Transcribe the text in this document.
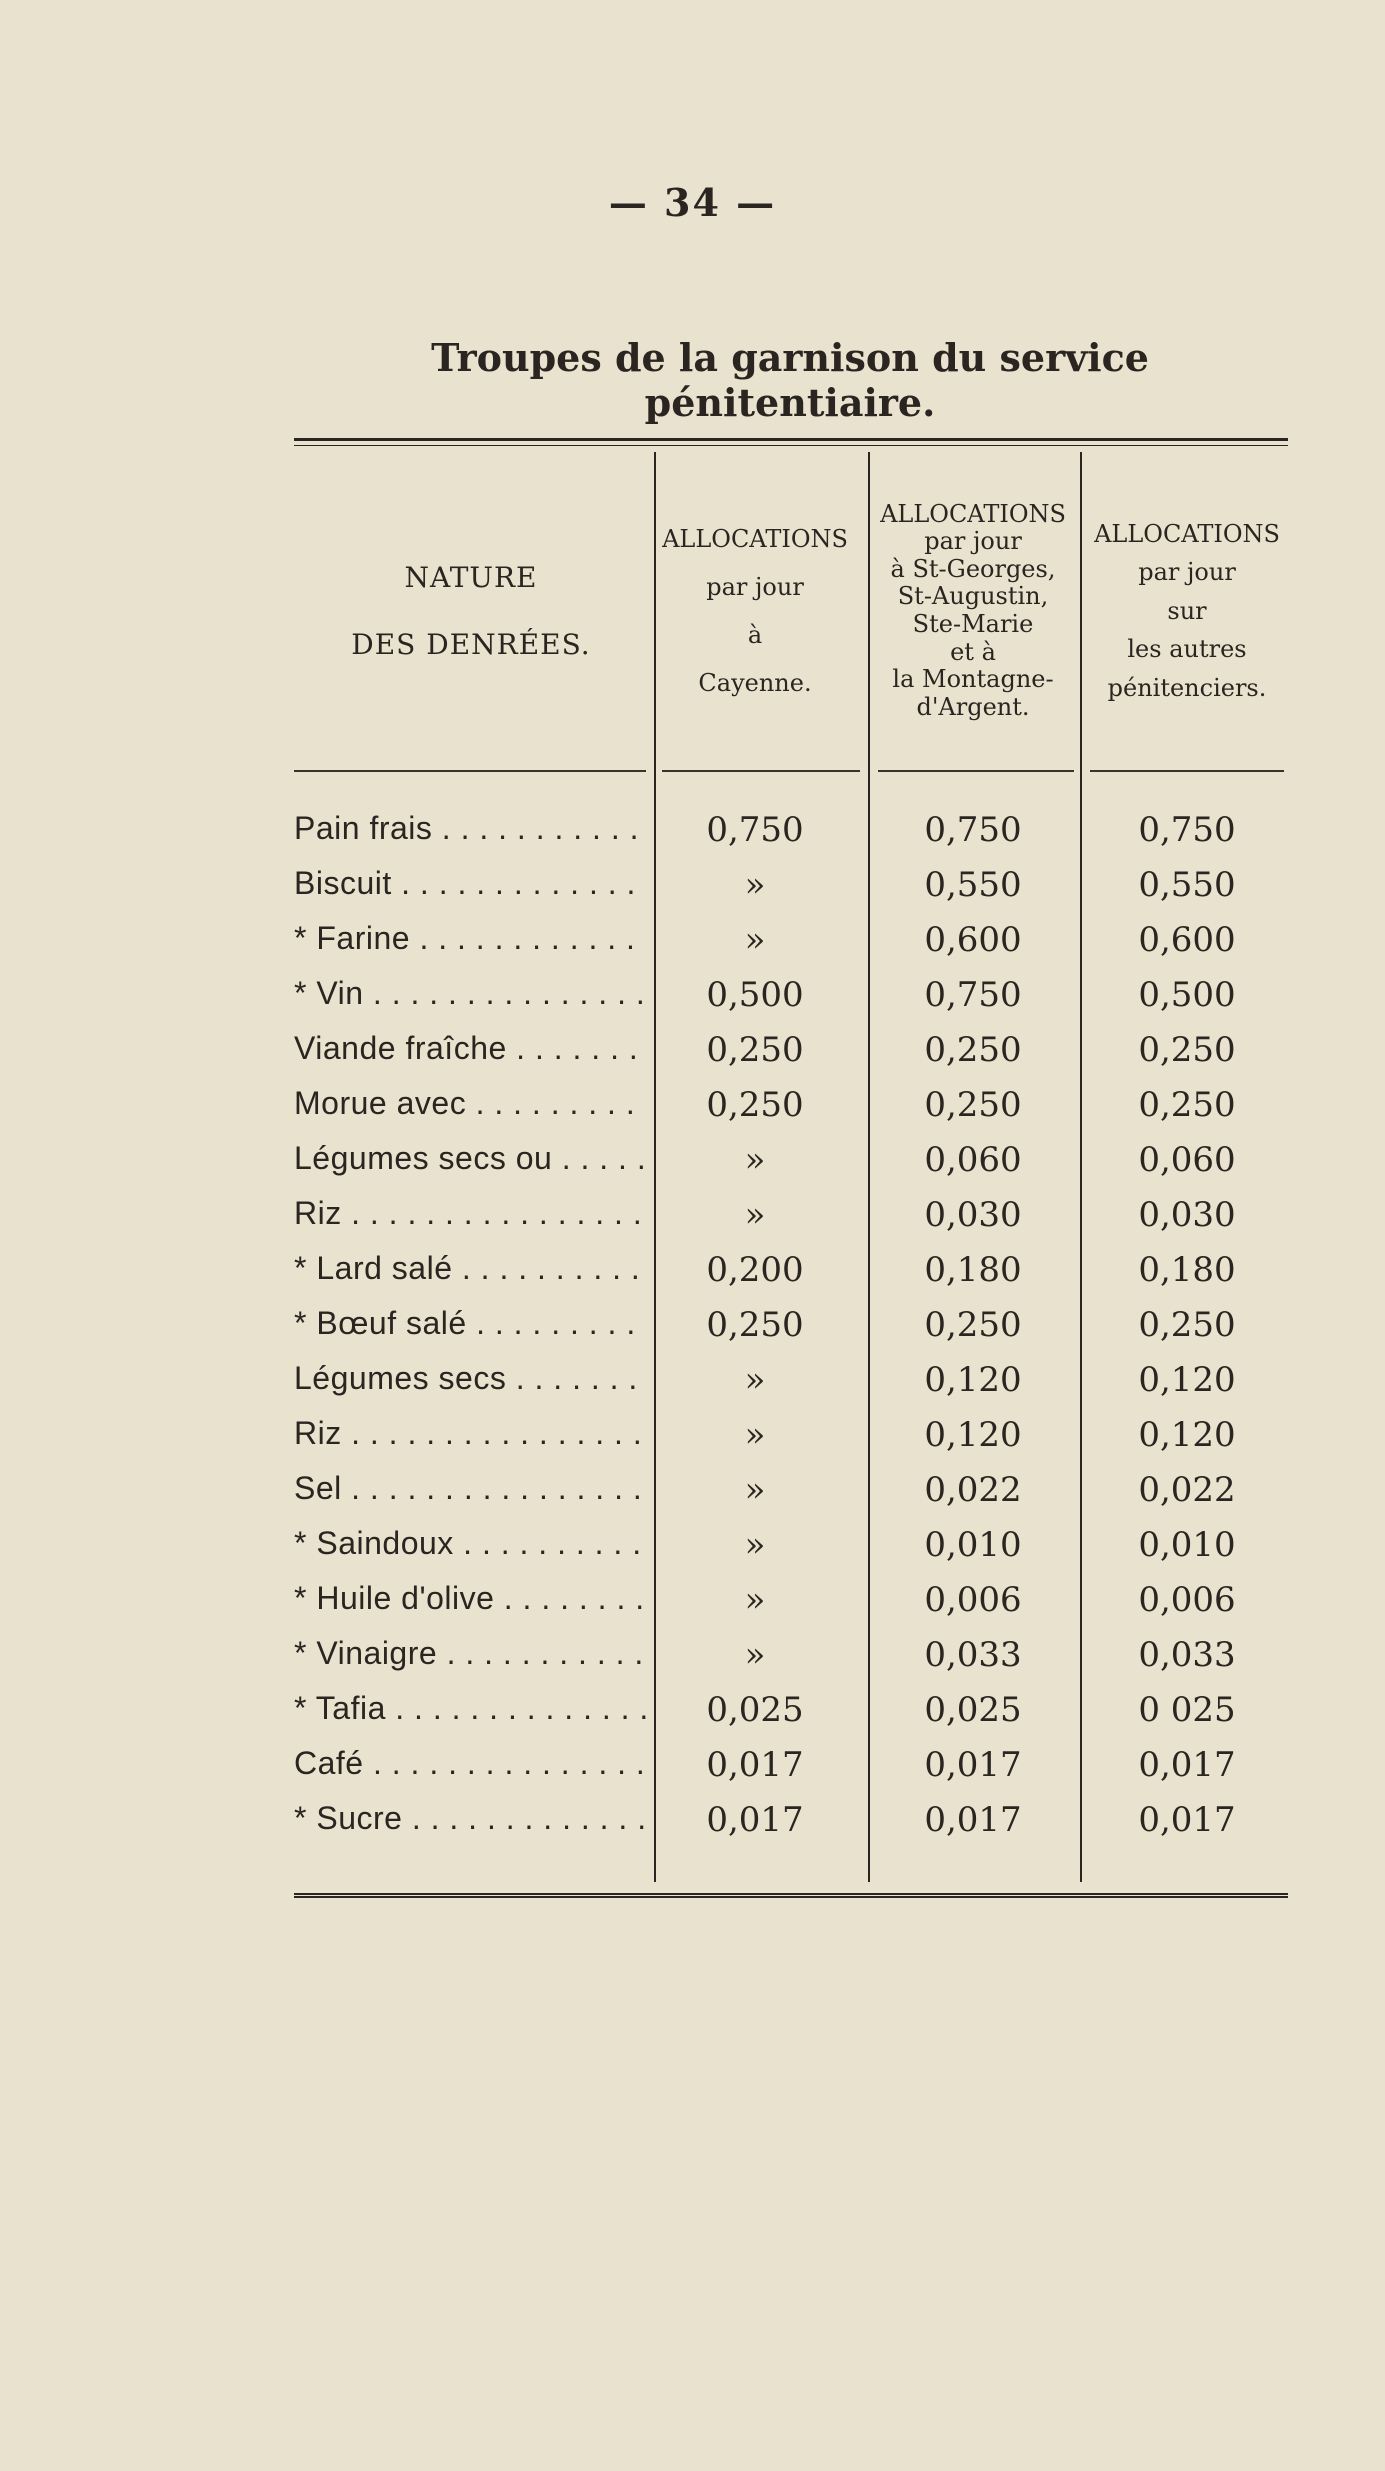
— 34 —
Troupes de la garnison du service pénitentiaire.
NATURE
DES DENRÉES.
ALLOCATIONS
par jour
à
Cayenne.
ALLOCATIONS
par jour
à St-Georges,
St-Augustin,
Ste-Marie
et à
la Montagne-
d'Argent.
ALLOCATIONS
par jour
sur
les autres
pénitenciers.
Pain frais . . .	0,750	0,750	0,750
Biscuit . . .	»	0,550	0,550
* Farine . . .	»	0,600	0,600
* Vin . . .	0,500	0,750	0,500
Viande fraîche . . .	0,250	0,250	0,250
Morue avec . . .	0,250	0,250	0,250
Légumes secs ou . . .	»	0,060	0,060
Riz . . .	»	0,030	0,030
* Lard salé . . .	0,200	0,180	0,180
* Bœuf salé . . .	0,250	0,250	0,250
Légumes secs . . .	»	0,120	0,120
Riz . . .	»	0,120	0,120
Sel . . .	»	0,022	0,022
* Saindoux . . .	»	0,010	0,010
* Huile d'olive . . .	»	0,006	0,006
* Vinaigre . . .	»	0,033	0,033
* Tafia . . .	0,025	0,025	0 025
Café . . .	0,017	0,017	0,017
* Sucre . . .	0,017	0,017	0,017
